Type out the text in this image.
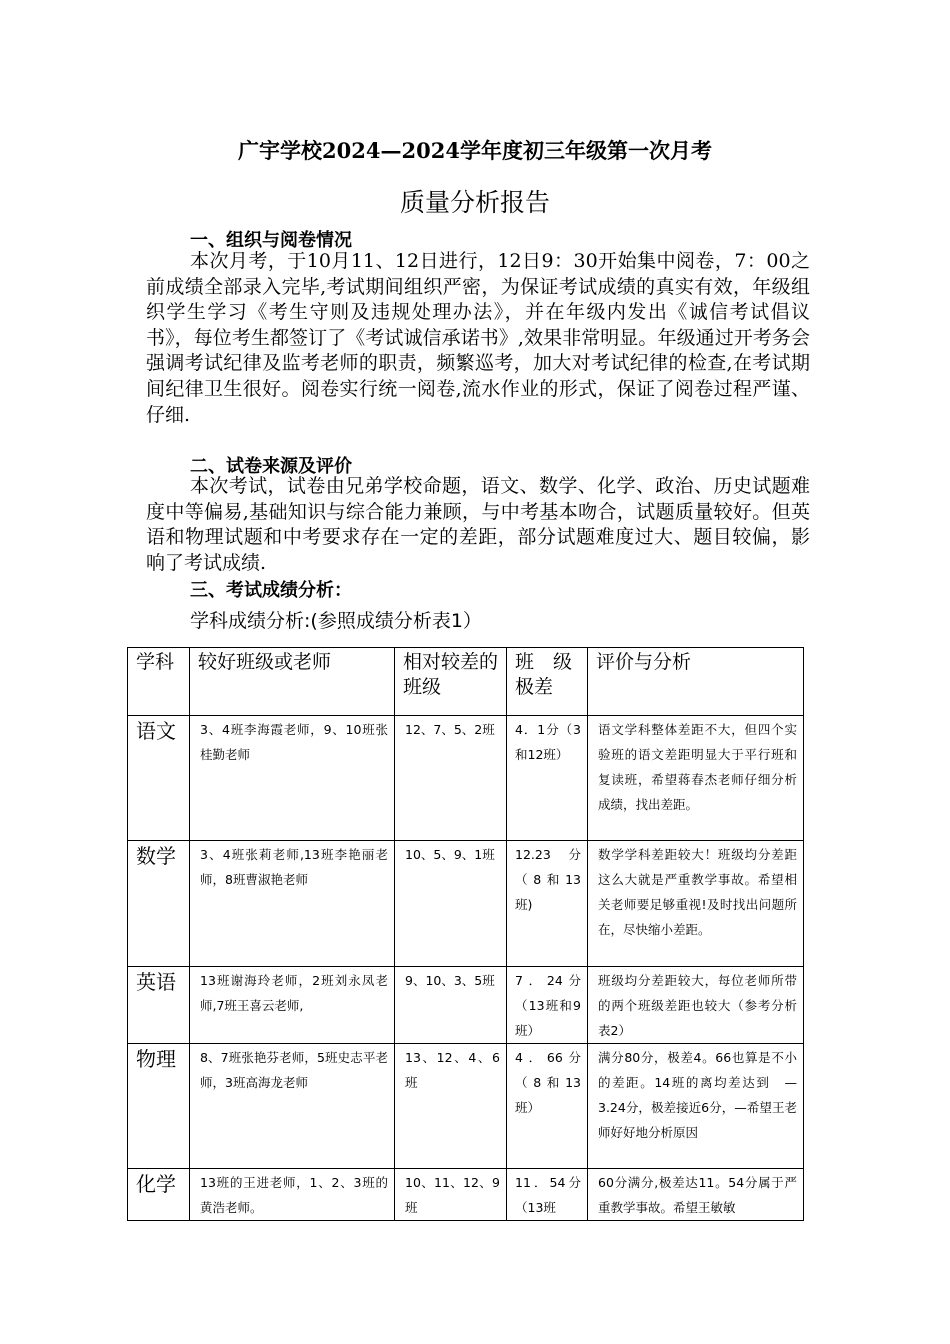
广宇学校2024—2024学年度初三年级第一次月考
质量分析报告
一、组织与阅卷情况
本次月考，于10月11、12日进行，12日9：30开始集中阅卷，7：00之前成绩全部录入完毕,考试期间组织严密，为保证考试成绩的真实有效，年级组织学生学习《考生守则及违规处理办法》，并在年级内发出《诚信考试倡议书》，每位考生都签订了《考试诚信承诺书》,效果非常明显。年级通过开考务会强调考试纪律及监考老师的职责，频繁巡考，加大对考试纪律的检查,在考试期间纪律卫生很好。阅卷实行统一阅卷,流水作业的形式，保证了阅卷过程严谨、仔细.
二、试卷来源及评价
本次考试，试卷由兄弟学校命题，语文、数学、化学、政治、历史试题难度中等偏易,基础知识与综合能力兼顾，与中考基本吻合，试题质量较好。但英语和物理试题和中考要求存在一定的差距，部分试题难度过大、题目较偏，影响了考试成绩.
三、考试成绩分析：
学科成绩分析:(参照成绩分析表1）
学科	较好班级或老师	相对较差的班级	班　级极差	评价与分析
语文	3、4班李海霞老师，9、10班张桂勤老师	12、7、5、2班	4．1分（3和12班）	语文学科整体差距不大，但四个实验班的语文差距明显大于平行班和复读班，希望蒋春杰老师仔细分析成绩，找出差距。
数学	3、4班张莉老师,13班李艳丽老师，8班曹淑艳老师	10、5、9、1班	12.23分（8和13班)	数学学科差距较大！班级均分差距这么大就是严重教学事故。希望相关老师要足够重视!及时找出问题所在，尽快缩小差距。
英语	13班谢海玲老师，2班刘永凤老师,7班王喜云老师,	9、10、3、5班	7．24分（13班和9班）	班级均分差距较大，每位老师所带的两个班级差距也较大（参考分析表2）
物理	8、7班张艳芬老师，5班史志平老师，3班高海龙老师	13、12、4、6班	4．66分（8和13班）	满分80分，极差4。66也算是不小的差距。14班的离均差达到　—3.24分，极差接近6分，—希望王老师好好地分析原因
化学	13班的王进老师，1、2、3班的黄浩老师。	10、11、12、9班	11．54分（13班	60分满分,极差达11。54分属于严重教学事故。希望王敏敏
